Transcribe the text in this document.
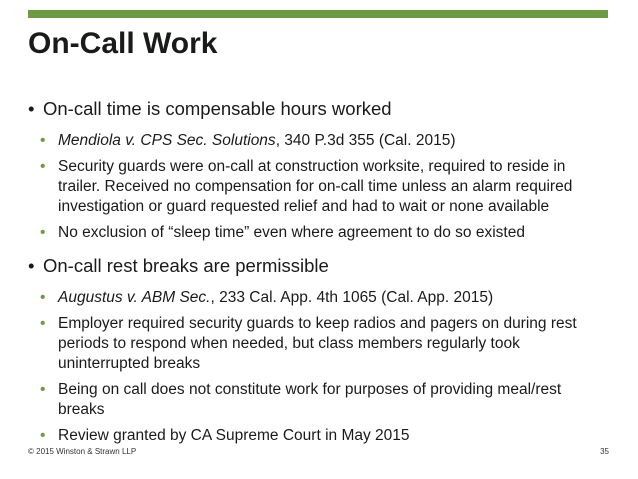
On-Call Work
• On-call time is compensable hours worked
• Mendiola v. CPS Sec. Solutions, 340 P.3d 355 (Cal. 2015)
• Security guards were on-call at construction worksite, required to reside in trailer. Received no compensation for on-call time unless an alarm required investigation or guard requested relief and had to wait or none available
• No exclusion of “sleep time” even where agreement to do so existed
• On-call rest breaks are permissible
• Augustus v. ABM Sec., 233 Cal. App. 4th 1065 (Cal. App. 2015)
• Employer required security guards to keep radios and pagers on during rest periods to respond when needed, but class members regularly took uninterrupted breaks
• Being on call does not constitute work for purposes of providing meal/rest breaks
• Review granted by CA Supreme Court in May 2015
© 2015 Winston & Strawn LLP	35
